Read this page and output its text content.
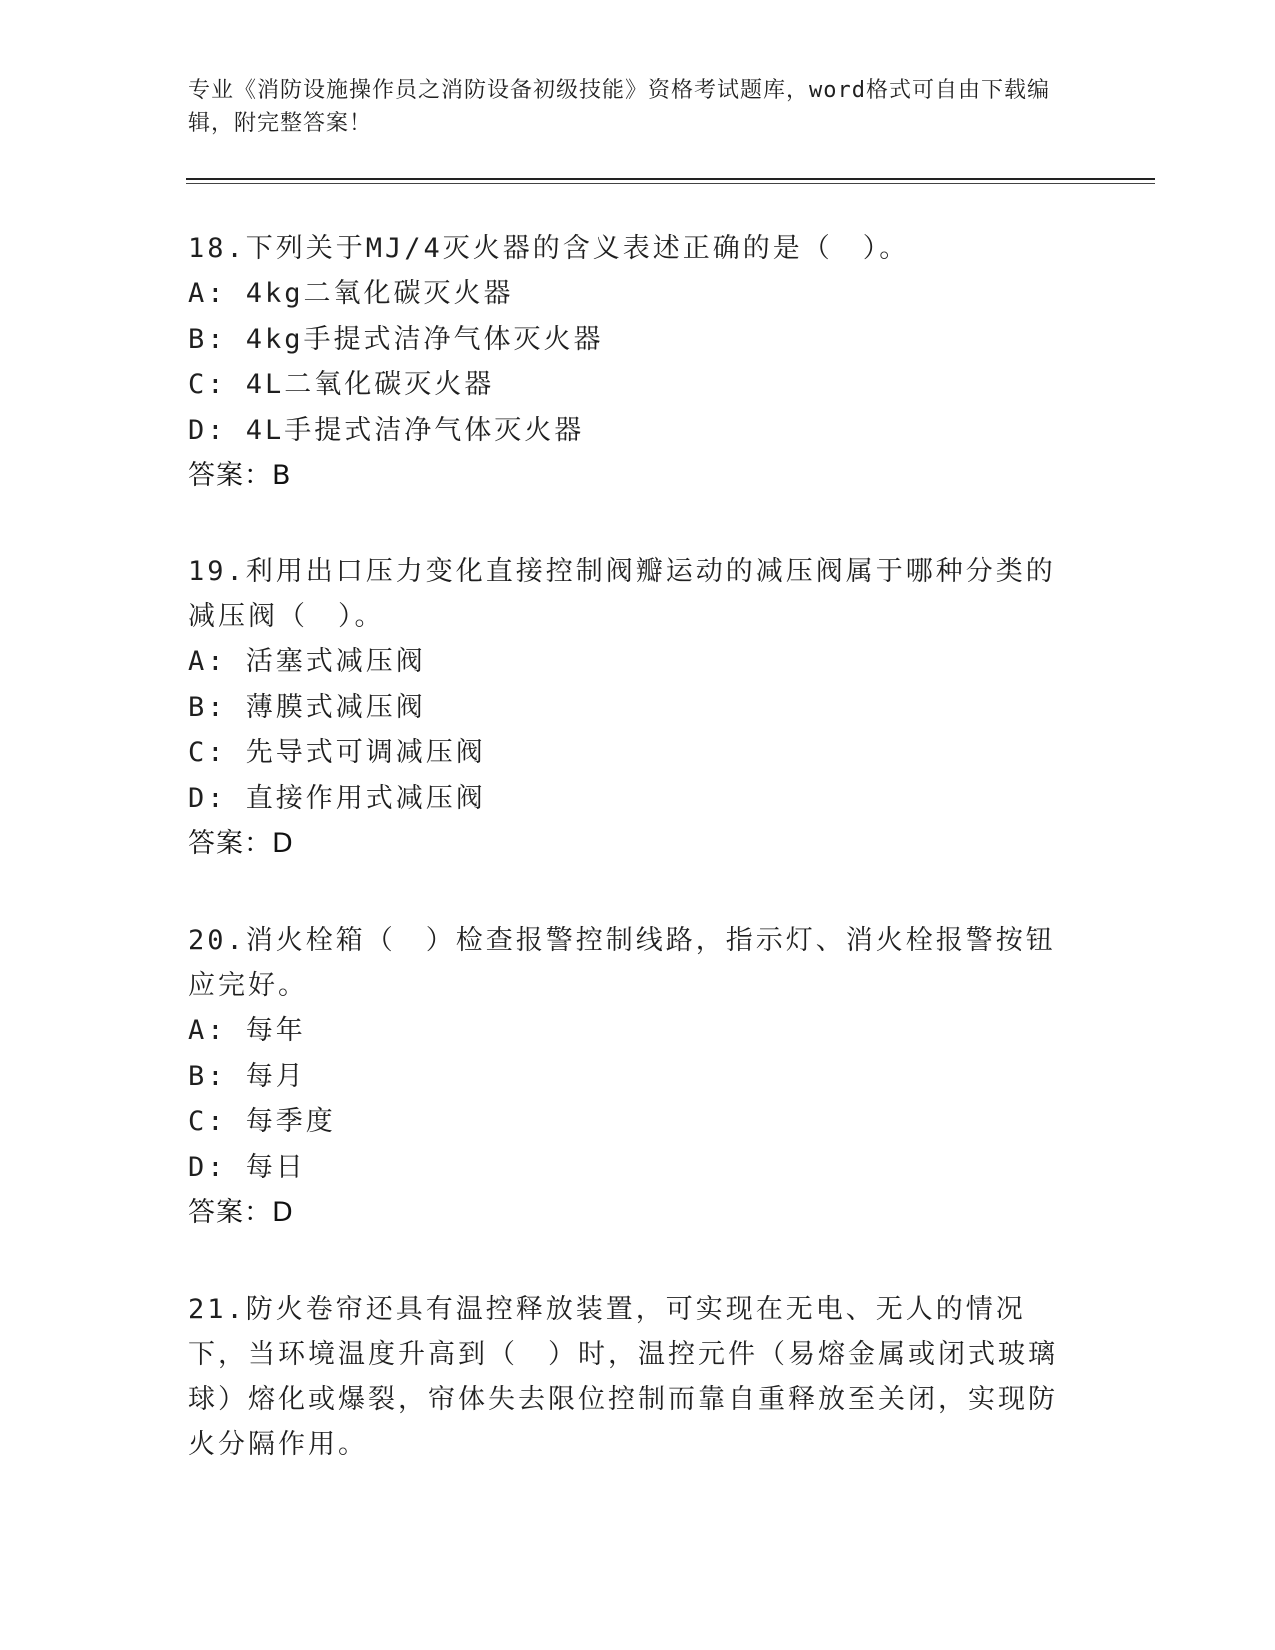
专业《消防设施操作员之消防设备初级技能》资格考试题库，word格式可自由下载编辑，附完整答案！

18.下列关于MJ/4灭火器的含义表述正确的是（　）。

A: 4kg二氧化碳灭火器

B: 4kg手提式洁净气体灭火器

C: 4L二氧化碳灭火器

D: 4L手提式洁净气体灭火器

答案：B

19.利用出口压力变化直接控制阀瓣运动的减压阀属于哪种分类的减压阀（　）。

A: 活塞式减压阀

B: 薄膜式减压阀

C: 先导式可调减压阀

D: 直接作用式减压阀

答案：D

20.消火栓箱（　）检查报警控制线路，指示灯、消火栓报警按钮应完好。

A: 每年

B: 每月

C: 每季度

D: 每日

答案：D

21.防火卷帘还具有温控释放装置，可实现在无电、无人的情况下，当环境温度升高到（　）时，温控元件（易熔金属或闭式玻璃球）熔化或爆裂，帘体失去限位控制而靠自重释放至关闭，实现防火分隔作用。
